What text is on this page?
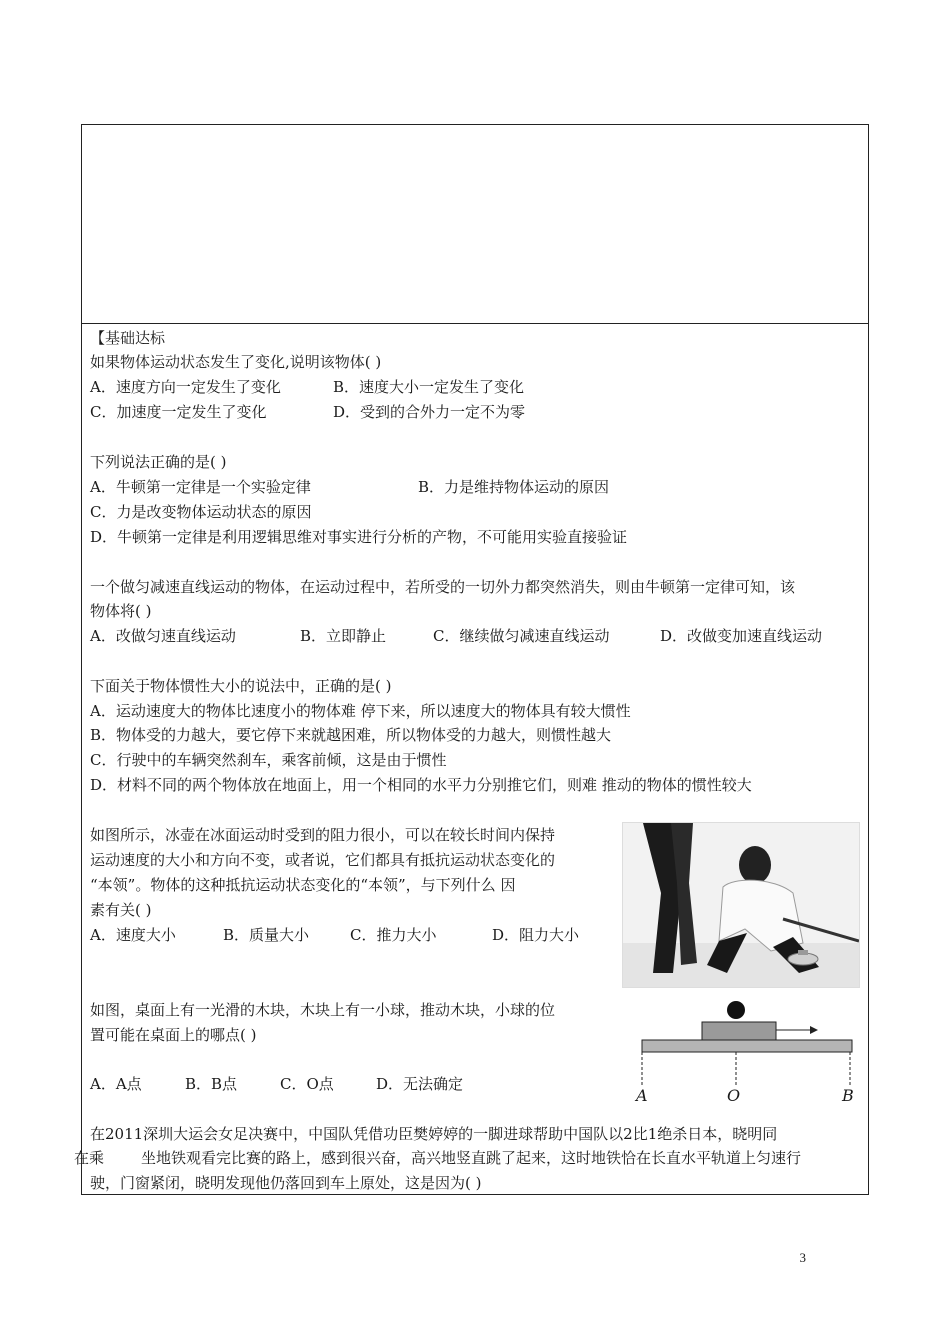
【基础达标
如果物体运动状态发生了变化,说明该物体( )
A．速度方向一定发生了变化	B．速度大小一定发生了变化
C．加速度一定发生了变化	D．受到的合外力一定不为零
下列说法正确的是( )
A．牛顿第一定律是一个实验定律	B．力是维持物体运动的原因
C．力是改变物体运动状态的原因
D．牛顿第一定律是利用逻辑思维对事实进行分析的产物，不可能用实验直接验证
一个做匀减速直线运动的物体，在运动过程中，若所受的一切外力都突然消失，则由牛顿第一定律可知，该
物体将( )
A．改做匀速直线运动	B．立即静止	C．继续做匀减速直线运动	D．改做变加速直线运动
下面关于物体惯性大小的说法中，正确的是( )
A．运动速度大的物体比速度小的物体难 停下来，所以速度大的物体具有较大惯性
B．物体受的力越大，要它停下来就越困难，所以物体受的力越大，则惯性越大
C．行驶中的车辆突然刹车，乘客前倾，这是由于惯性
D．材料不同的两个物体放在地面上，用一个相同的水平力分别推它们，则难 推动的物体的惯性较大
如图所示，冰壶在冰面运动时受到的阻力很小，可以在较长时间内保持
运动速度的大小和方向不变，或者说，它们都具有抵抗运动状态变化的
“本领”。物体的这种抵抗运动状态变化的“本领”，与下列什么 因
素有关( )
A．速度大小	B．质量大小	C．推力大小	D．阻力大小
如图，桌面上有一光滑的木块，木块上有一小球，推动木块，小球的位
置可能在桌面上的哪点( )
A．A点	B．B点	C．O点	D．无法确定
A	O	B
在2011深圳大运会女足决赛中，中国队凭借功臣樊婷婷的一脚进球帮助中国队以2比1绝杀日本，晓明同
在乘 坐地铁观看完比赛的路上，感到很兴奋，高兴地竖直跳了起来，这时地铁恰在长直水平轨道上匀速行
驶，门窗紧闭，晓明发现他仍落回到车上原处，这是因为( )
3
